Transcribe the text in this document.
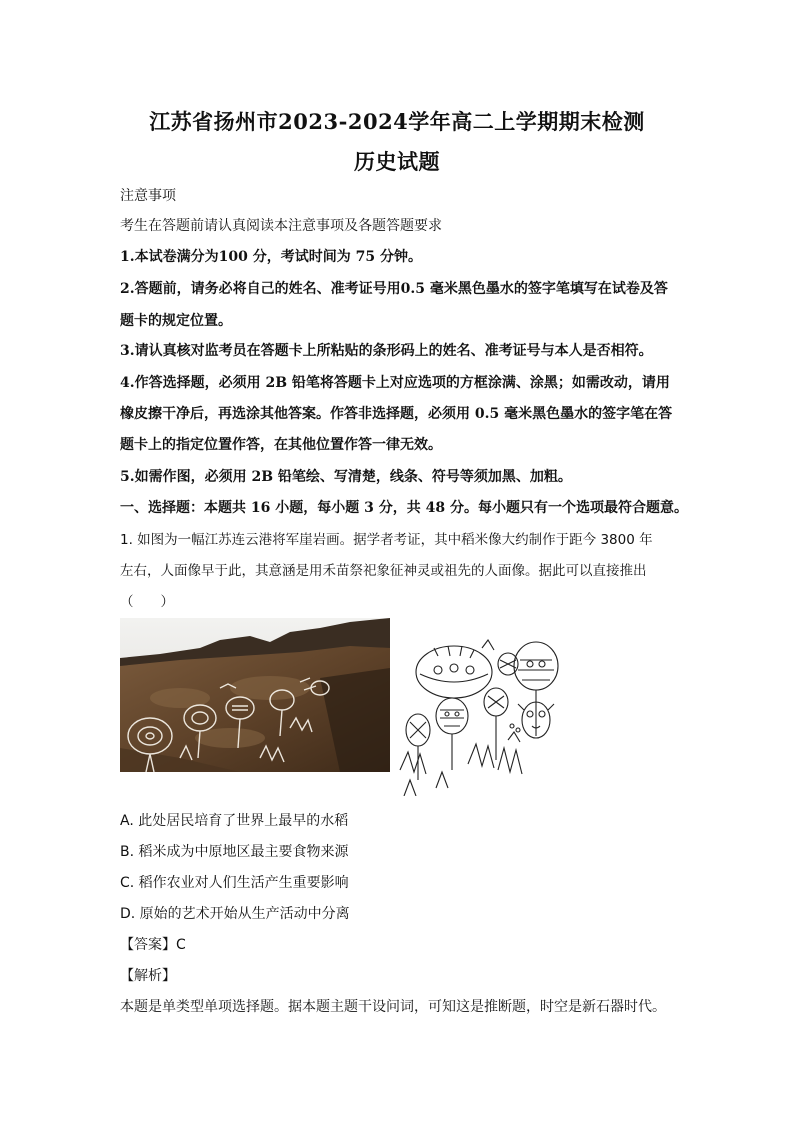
江苏省扬州市2023-2024学年高二上学期期末检测
历史试题
注意事项
考生在答题前请认真阅读本注意事项及各题答题要求
1.本试卷满分为100 分，考试时间为 75 分钟。
2.答题前，请务必将自己的姓名、准考证号用0.5 毫米黑色墨水的签字笔填写在试卷及答
题卡的规定位置。
3.请认真核对监考员在答题卡上所粘贴的条形码上的姓名、准考证号与本人是否相符。
4.作答选择题，必须用 2B 铅笔将答题卡上对应选项的方框涂满、涂黑；如需改动，请用
橡皮擦干净后，再选涂其他答案。作答非选择题，必须用 0.5 毫米黑色墨水的签字笔在答
题卡上的指定位置作答，在其他位置作答一律无效。
5.如需作图，必须用 2B 铅笔绘、写清楚，线条、符号等须加黑、加粗。
一、选择题：本题共 16 小题，每小题 3 分，共 48 分。每小题只有一个选项最符合题意。
1. 如图为一幅江苏连云港将军崖岩画。据学者考证，其中稻米像大约制作于距今 3800 年
左右，人面像早于此，其意涵是用禾苗祭祀象征神灵或祖先的人面像。据此可以直接推出
（　　）
A. 此处居民培育了世界上最早的水稻
B. 稻米成为中原地区最主要食物来源
C. 稻作农业对人们生活产生重要影响
D. 原始的艺术开始从生产活动中分离
【答案】C
【解析】
本题是单类型单项选择题。据本题主题干设问词，可知这是推断题，时空是新石器时代。
